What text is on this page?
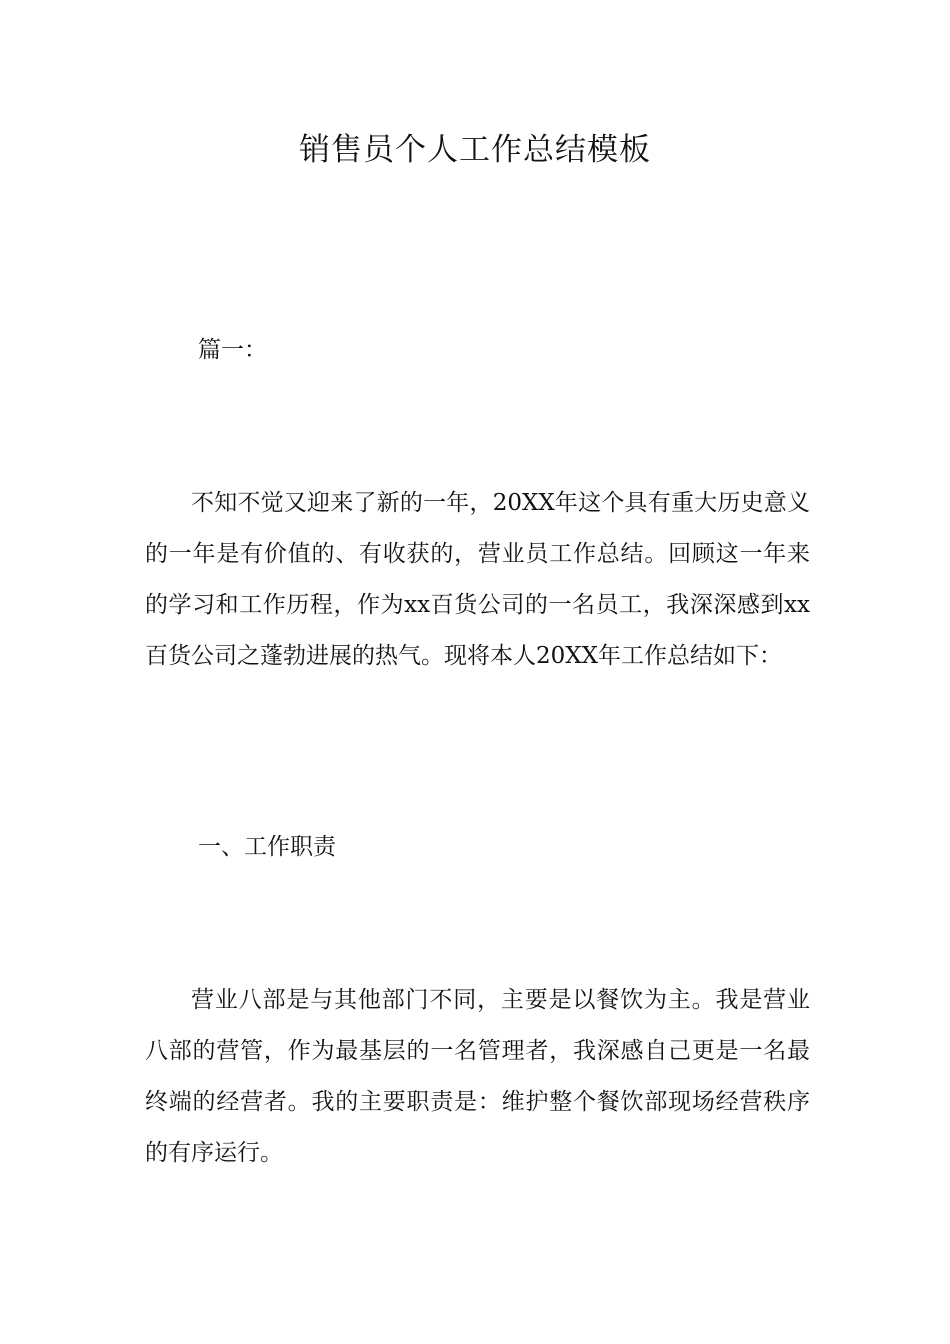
销售员个人工作总结模板

篇一：

不知不觉又迎来了新的一年，20XX年这个具有重大历史意义的一年是有价值的、有收获的，营业员工作总结。回顾这一年来的学习和工作历程，作为xx百货公司的一名员工，我深深感到xx百货公司之蓬勃进展的热气。现将本人20XX年工作总结如下：

一、工作职责

营业八部是与其他部门不同，主要是以餐饮为主。我是营业八部的营管，作为最基层的一名管理者，我深感自己更是一名最终端的经营者。我的主要职责是：维护整个餐饮部现场经营秩序的有序运行。
